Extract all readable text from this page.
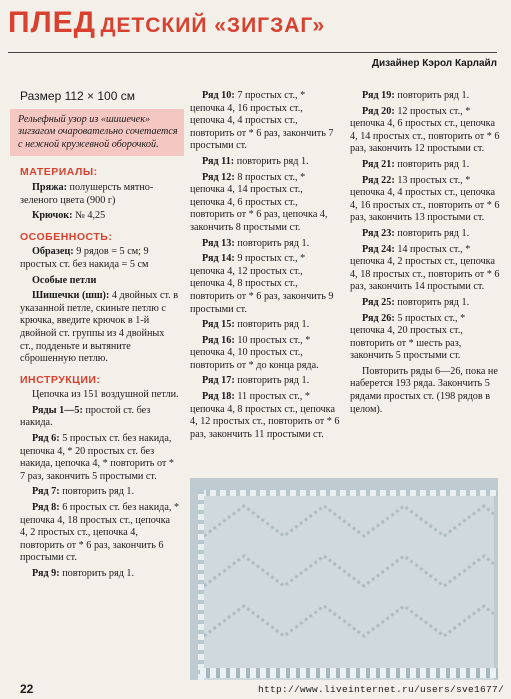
ПЛЕД ДЕТСКИЙ «ЗИГЗАГ»
Дизайнер Кэрол Карлайл
Размер 112 × 100 см
Рельефный узор из «шишечек» зигзагом очаровательно сочетается с нежной кружевной оборочкой.
МАТЕРИАЛЫ:
Пряжа: полушерсть мятно-зеленого цвета (900 г)
Крючок: № 4,25
ОСОБЕННОСТЬ:
Образец: 9 рядов = 5 см; 9 простых ст. без накида = 5 см
Особые петли
Шишечки (шш): 4 двойных ст. в указанной петле, скиньте петлю с крючка, введите крючок в 1-й двойной ст. группы из 4 двойных ст., подденьте и вытяните сброшенную петлю.
ИНСТРУКЦИИ:
Цепочка из 151 воздушной петли.
Ряды 1—5: простой ст. без накида.
Ряд 6: 5 простых ст. без накида, цепочка 4, * 20 простых ст. без накида, цепочка 4, * повторить от * 7 раз, закончить 5 простыми ст.
Ряд 7: повторить ряд 1.
Ряд 8: 6 простых ст. без накида, * цепочка 4, 18 простых ст., цепочка 4, 2 простых ст., цепочка 4, повторить от * 6 раз, закончить 6 простыми ст.
Ряд 9: повторить ряд 1.
Ряд 10: 7 простых ст., * цепочка 4, 16 простых ст., цепочка 4, 4 простых ст., повторить от * 6 раз, закончить 7 простыми ст.
Ряд 11: повторить ряд 1.
Ряд 12: 8 простых ст., * цепочка 4, 14 простых ст., цепочка 4, 6 простых ст., повторить от * 6 раз, цепочка 4, закончить 8 простыми ст.
Ряд 13: повторить ряд 1.
Ряд 14: 9 простых ст., * цепочка 4, 12 простых ст., цепочка 4, 8 простых ст., повторить от * 6 раз, закончить 9 простыми ст.
Ряд 15: повторить ряд 1.
Ряд 16: 10 простых ст., * цепочка 4, 10 простых ст., повторить от * до конца ряда.
Ряд 17: повторить ряд 1.
Ряд 18: 11 простых ст., * цепочка 4, 8 простых ст., цепочка 4, 12 простых ст., повторить от * 6 раз, закончить 11 простыми ст.
Ряд 19: повторить ряд 1.
Ряд 20: 12 простых ст., * цепочка 4, 6 простых ст., цепочка 4, 14 простых ст., повторить от * 6 раз, закончить 12 простыми ст.
Ряд 21: повторить ряд 1.
Ряд 22: 13 простых ст., * цепочка 4, 4 простых ст., цепочка 4, 16 простых ст., повторить от * 6 раз, закончить 13 простыми ст.
Ряд 23: повторить ряд 1.
Ряд 24: 14 простых ст., * цепочка 4, 2 простых ст., цепочка 4, 18 простых ст., повторить от * 6 раз, закончить 14 простыми ст.
Ряд 25: повторить ряд 1.
Ряд 26: 5 простых ст., * цепочка 4, 20 простых ст., повторить от * шесть раз, закончить 5 простыми ст.
Повторить ряды 6—26, пока не наберется 193 ряда. Закончить 5 рядами простых ст. (198 рядов в целом).
22	http://www.liveinternet.ru/users/sve1677/
